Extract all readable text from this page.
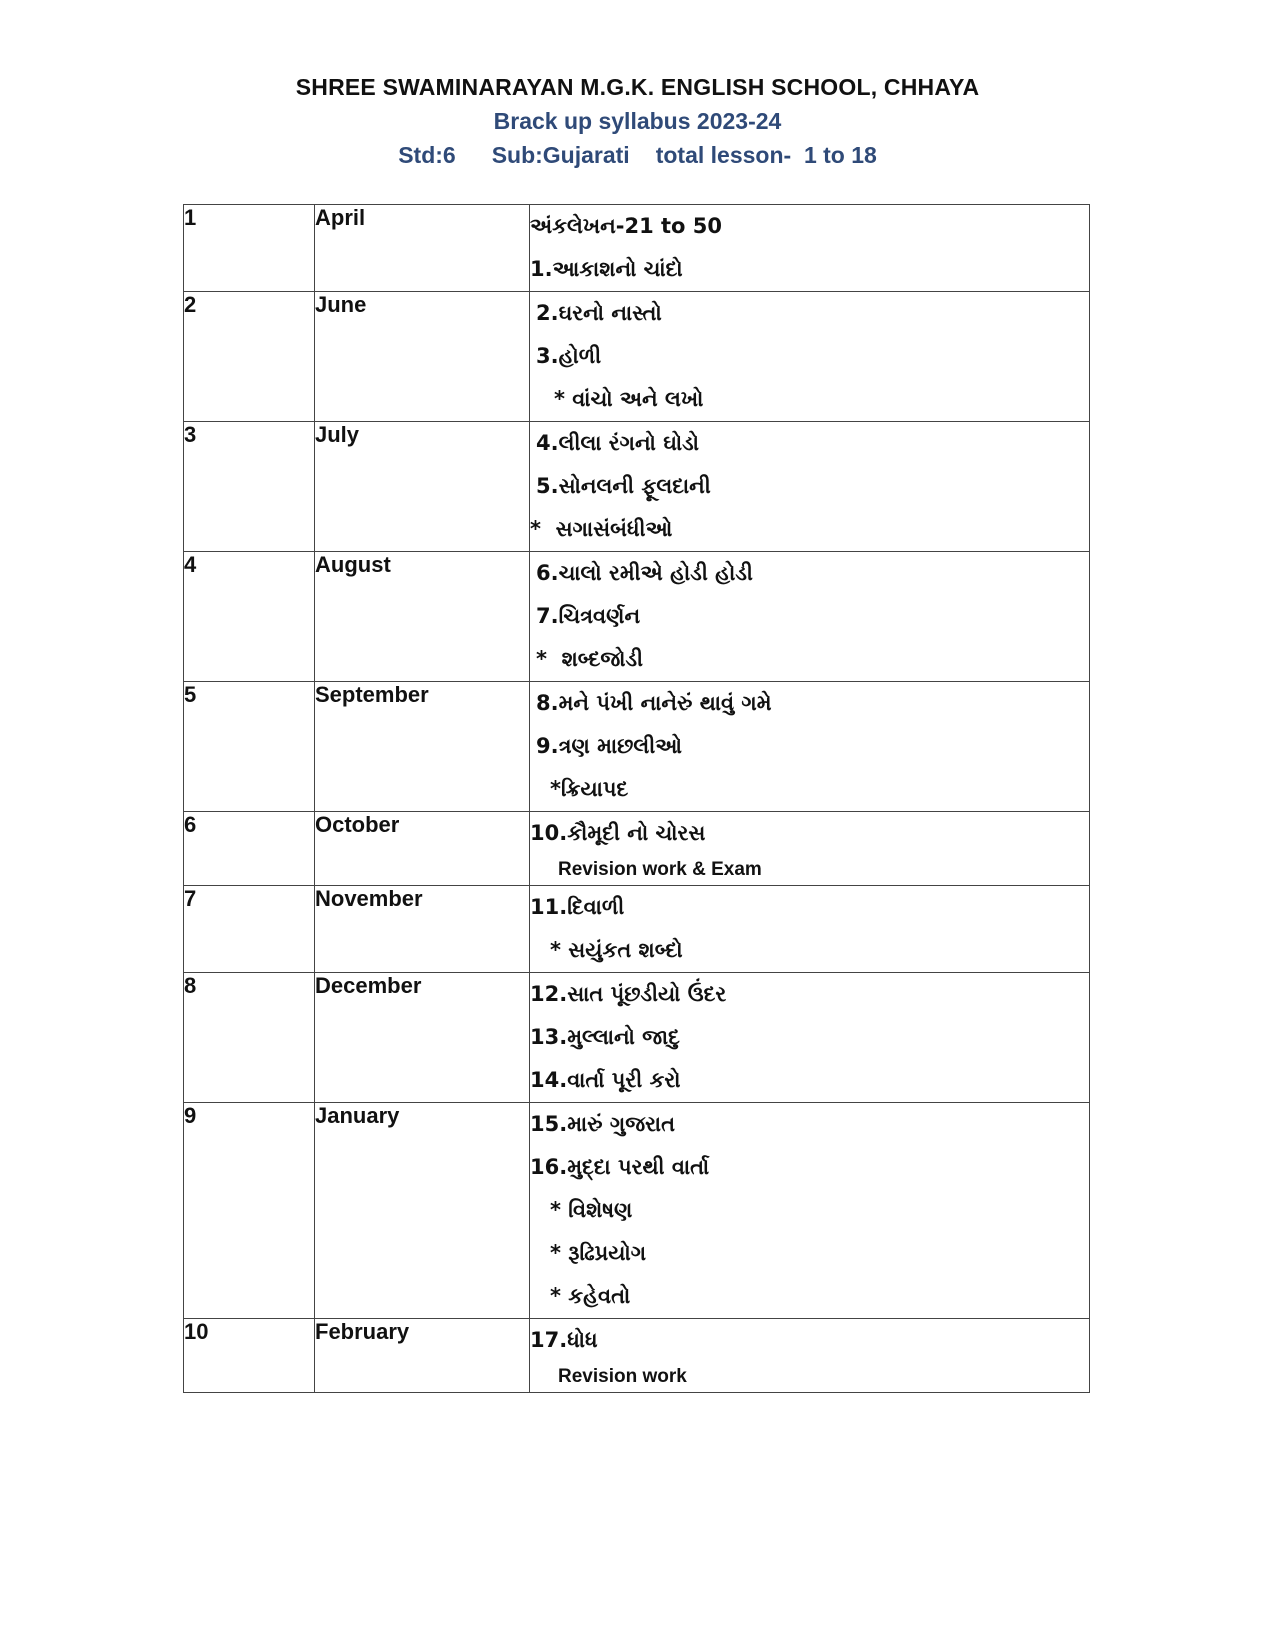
SHREE SWAMINARAYAN M.G.K. ENGLISH SCHOOL, CHHAYA
Brack up syllabus 2023-24
Std:6 Sub:Gujarati total lesson-  1 to 18
1	April	અંકલેખન-21 to 50
1.આકાશનો ચાંદો

2	June	2.ઘરનો નાસ્તો
3.હોળી
* વાંચો અને લખો

3	July	4.લીલા રંગનો ઘોડો
5.સોનલની ફૂલદાની
*  સગાસંબંધીઓ

4	August	6.ચાલો રમીએ હોડી હોડી
7.ચિત્રવર્ણન
*  શબ્દજોડી

5	September	8.મને પંખી નાનેરું થાવું ગમે
9.ત્રણ માછલીઓ
*ક્રિયાપદ

6	October	10.કૌમૂદી નો ચોરસ
Revision work & Exam

7	November	11.દિવાળી
* સયુંકત શબ્દો

8	December	12.સાત પૂંછડીયો ઉંદર
13.મુલ્લાનો જાદુ
14.વાર્તા પૂરી કરો

9	January	15.મારું ગુજરાત
16.મુદ્દા પરથી વાર્તા
* વિશેષણ
* રૂઢિપ્રયોગ
* કહેવતો

10	February	17.ધોધ
Revision work
